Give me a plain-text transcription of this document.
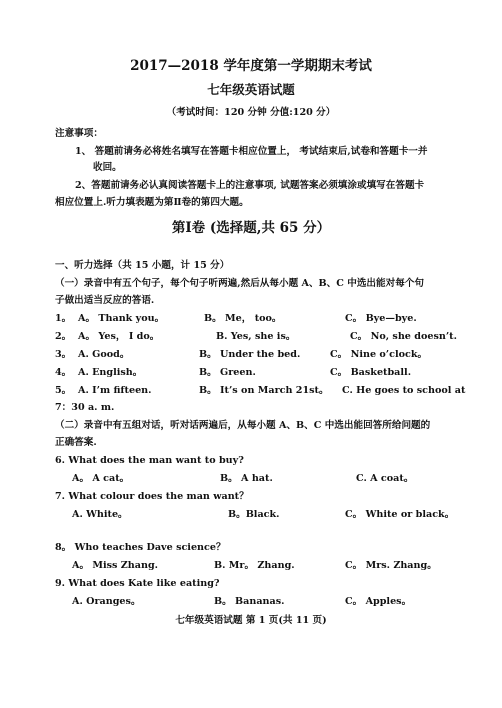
2017—2018 学年度第一学期期末考试
七年级英语试题
（考试时间：120 分钟 分值:120 分）
注意事项：
1、 答题前请务必将姓名填写在答题卡相应位置上， 考试结束后,试卷和答题卡一并
收回。
2、答题前请务必认真阅读答题卡上的注意事项, 试题答案必须填涂或填写在答题卡
相应位置上.听力填表题为第Ⅱ卷的第四大题。
第Ⅰ卷 (选择题,共 65 分）
一、听力选择（共 15 小题，计 15 分）
（一）录音中有五个句子，每个句子听两遍,然后从每小题 A、B、C 中选出能对每个句
子做出适当反应的答语.
1。 A。 Thank you。	B。 Me， too。	C。 Bye—bye.
2。 A。 Yes， I do。	B. Yes, she is。	C。 No, she doesn’t.
3。 A. Good。	B。 Under the bed.	C。 Nine o’clock。
4。 A. English。	B。 Green.	C。 Basketball.
5。 A. I’m fifteen.	B。 It’s on March 21st。 C. He goes to school at
7：30 a. m.
（二）录音中有五组对话，听对话两遍后，从每小题 A、B、C 中选出能回答所给问题的
正确答案.
6. What does the man want to buy?
A。 A cat。	B。 A hat.	C. A coat。
7. What colour does the man want？
A. White。	B。Black.	C。 White or black。
8。 Who teaches Dave science？
A。 Miss Zhang.	B. Mr。 Zhang.	C。 Mrs. Zhang。
9. What does Kate like eating?
A. Oranges。	B。 Bananas.	C。 Apples。
七年级英语试题 第 1 页(共 11 页)
